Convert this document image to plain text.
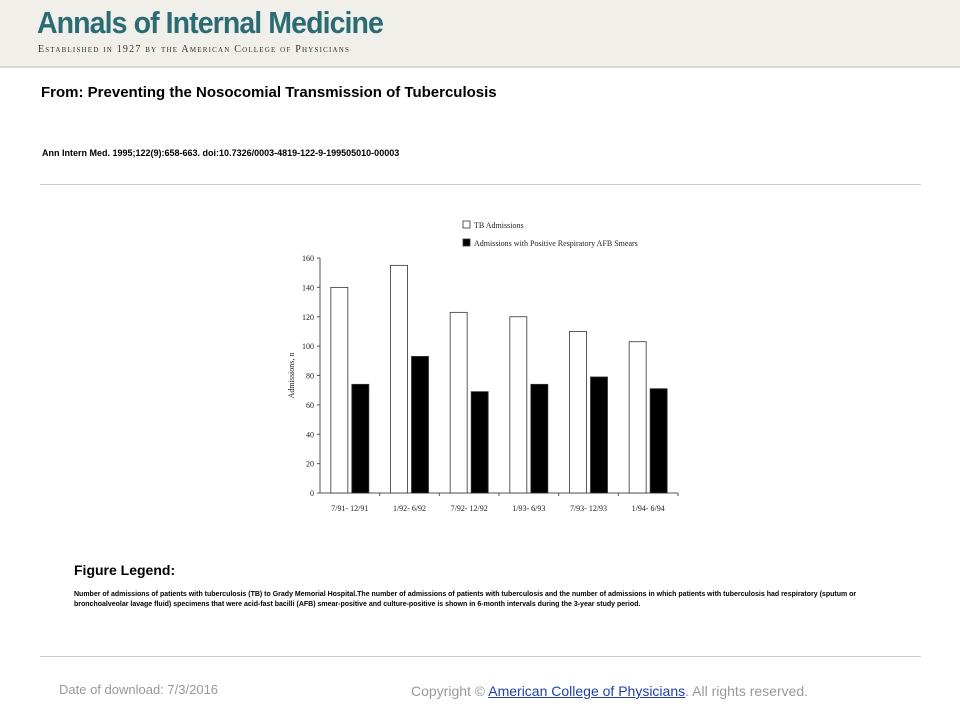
Annals of Internal Medicine
Established in 1927 by the American College of Physicians
From: Preventing the Nosocomial Transmission of Tuberculosis
Ann Intern Med. 1995;122(9):658-663. doi:10.7326/0003-4819-122-9-199505010-00003
0
20
40
60
80
100
120
140
160
Admissions, n
7/91- 12/91	1/92- 6/92	7/92- 12/92	1/93- 6/93	7/93- 12/93	1/94- 6/94
TB Admissions
Admissions with Positive Respiratory AFB Smears
Figure Legend:

Number of admissions of patients with tuberculosis (TB) to Grady Memorial Hospital.The number of admissions of patients with tuberculosis and the number of admissions in which patients with tuberculosis had respiratory (sputum or bronchoalveolar lavage fluid) specimens that were acid-fast bacilli (AFB) smear-positive and culture-positive is shown in 6-month intervals during the 3-year study period.

Date of download: 7/3/2016	Copyright © American College of Physicians. All rights reserved.
